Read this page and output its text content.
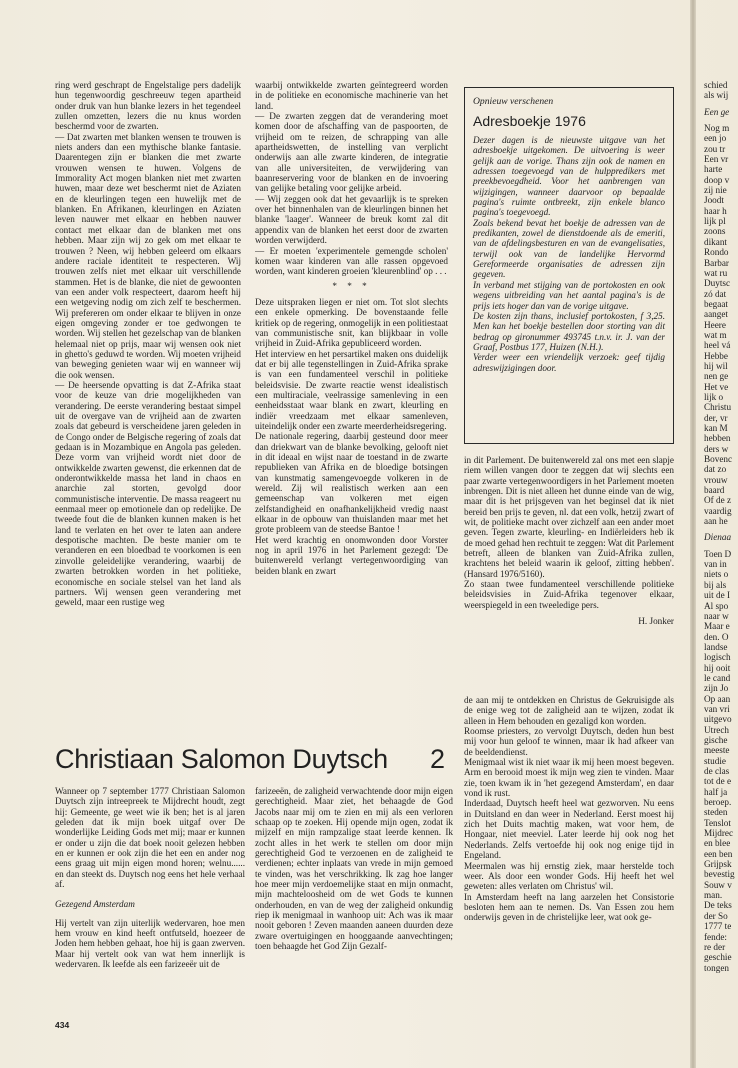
ring werd geschrapt de Engelstalige pers dadelijk hun tegenwoordig geschreeuw tegen apartheid onder druk van hun blanke lezers in het tegendeel zullen omzetten, lezers die nu knus worden beschermd voor de zwarten.

— Dat zwarten met blanken wensen te trouwen is niets anders dan een mythische blanke fantasie. Daarentegen zijn er blanken die met zwarte vrouwen wensen te huwen. Volgens de Immorality Act mogen blanken niet met zwarten huwen, maar deze wet beschermt niet de Aziaten en de kleurlingen tegen een huwelijk met de blanken. En Afrikanen, kleurlingen en Aziaten leven nauwer met elkaar en hebben nauwer contact met elkaar dan de blanken met ons hebben. Maar zijn wij zo gek om met elkaar te trouwen ? Neen, wij hebben geleerd om elkaars andere raciale identiteit te respecteren. Wij trouwen zelfs niet met elkaar uit verschillende stammen. Het is de blanke, die niet de gewoonten van een ander volk respecteert, daarom heeft hij een wetgeving nodig om zich zelf te beschermen. Wij prefereren om onder elkaar te blijven in onze eigen omgeving zonder er toe gedwongen te worden. Wij stellen het gezelschap van de blanken helemaal niet op prijs, maar wij wensen ook niet in ghetto's geduwd te worden. Wij moeten vrijheid van beweging genieten waar wij en wanneer wij die ook wensen.

— De heersende opvatting is dat Z-Afrika staat voor de keuze van drie mogelijkheden van verandering. De eerste verandering bestaat simpel uit de overgave van de vrijheid aan de zwarten zoals dat gebeurd is verscheidene jaren geleden in de Congo onder de Belgische regering of zoals dat gedaan is in Mozambique en Angola pas geleden. Deze vorm van vrijheid wordt niet door de ontwikkelde zwarten gewenst, die erkennen dat de onderontwikkelde massa het land in chaos en anarchie zal storten, gevolgd door communistische interventie. De massa reageert nu eenmaal meer op emotionele dan op redelijke. De tweede fout die de blanken kunnen maken is het land te verlaten en het over te laten aan andere despotische machten. De beste manier om te veranderen en een bloedbad te voorkomen is een zinvolle geleidelijke verandering, waarbij de zwarten betrokken worden in het politieke, economische en sociale stelsel van het land als partners. Wij wensen geen verandering met geweld, maar een rustige weg

waarbij ontwikkelde zwarten geïntegreerd worden in de politieke en economische machinerie van het land.

— De zwarten zeggen dat de verandering moet komen door de afschaffing van de paspoorten, de vrijheid om te reizen, de schrapping van alle apartheidswetten, de instelling van verplicht onderwijs aan alle zwarte kinderen, de integratie van alle universiteiten, de verwijdering van baanreservering voor de blanken en de invoering van gelijke betaling voor gelijke arbeid.

— Wij zeggen ook dat het gevaarlijk is te spreken over het binnenhalen van de kleurlingen binnen het blanke 'laager'. Wanneer de breuk komt zal dit appendix van de blanken het eerst door de zwarten worden verwijderd.

— Er moeten 'experimentele gemengde scholen' komen waar kinderen van alle rassen opgevoed worden, want kinderen groeien 'kleurenblind' op . . .

* * *

Deze uitspraken liegen er niet om. Tot slot slechts een enkele opmerking. De bovenstaande felle kritiek op de regering, onmogelijk in een politiestaat van communistische snit, kan blijkbaar in volle vrijheid in Zuid-Afrika gepubliceerd worden.

Het interview en het persartikel maken ons duidelijk dat er bij alle tegenstellingen in Zuid-Afrika sprake is van een fundamenteel verschil in politieke beleidsvisie. De zwarte reactie wenst idealistisch een multiraciale, veelrassige samenleving in een eenheidsstaat waar blank en zwart, kleurling en indiër vreedzaam met elkaar samenleven, uiteindelijk onder een zwarte meerderheidsregering.

De nationale regering, daarbij gesteund door meer dan driekwart van de blanke bevolking, gelooft niet in dit ideaal en wijst naar de toestand in de zwarte republieken van Afrika en de bloedige botsingen van kunstmatig samengevoegde volkeren in de wereld. Zij wil realistisch werken aan een gemeenschap van volkeren met eigen zelfstandigheid en onafhankelijkheid vredig naast elkaar in de opbouw van thuislanden maar met het grote probleem van de steedse Bantoe !

Het werd krachtig en onomwonden door Vorster nog in april 1976 in het Parlement gezegd: 'De buitenwereld verlangt vertegenwoordiging van beiden blank en zwart

Opnieuw verschenen
Adresboekje 1976

Dezer dagen is de nieuwste uitgave van het adresboekje uitgekomen. De uitvoering is weer gelijk aan de vorige. Thans zijn ook de namen en adressen toegevoegd van de hulppredikers met preekbevoegdheid. Voor het aanbrengen van wijzigingen, wanneer daarvoor op bepaalde pagina's ruimte ontbreekt, zijn enkele blanco pagina's toegevoegd.

Zoals bekend bevat het boekje de adressen van de predikanten, zowel de dienstdoende als de emeriti, van de afdelingsbesturen en van de evangelisaties, terwijl ook van de landelijke Hervormd Gereformeerde organisaties de adressen zijn gegeven.

In verband met stijging van de portokosten en ook wegens uitbreiding van het aantal pagina's is de prijs iets hoger dan van de vorige uitgave.

De kosten zijn thans, inclusief portokosten, f 3,25. Men kan het boekje bestellen door storting van dit bedrag op gironummer 493745 t.n.v. ir. J. van der Graaf, Postbus 177, Huizen (N.H.).

Verder weer een vriendelijk verzoek: geef tijdig adreswijzigingen door.

in dit Parlement. De buitenwereld zal ons met een slapje riem willen vangen door te zeggen dat wij slechts een paar zwarte vertegenwoordigers in het Parlement moeten inbrengen. Dit is niet alleen het dunne einde van de wig, maar dit is het prijsgeven van het beginsel dat ik niet bereid ben prijs te geven, nl. dat een volk, hetzij zwart of wit, de politieke macht over zichzelf aan een ander moet geven. Tegen zwarte, kleurling- en Indiërleiders heb ik de moed gehad hen rechtuit te zeggen: Wat dit Parlement betreft, alleen de blanken van Zuid-Afrika zullen, krachtens het beleid waarin ik geloof, zitting hebben'. (Hansard 1976/5160).

Zo staan twee fundamenteel verschillende politieke beleidsvisies in Zuid-Afrika tegenover elkaar, weerspiegeld in een tweeledige pers.

H. Jonker
schied
als wij
Een ge
Nog m
een jo
zou tr
Een vr
harte
doop v
zij nie
Joodt
haar h
lijk pl
zoons
dikant
Rondo
Barbar
wat ru
Duytsc
zó dat
begaat
aanget
Heere
wat m
heel vá
Hebbe
hij wil
nen ge
Het ve
lijk o
Christu
der, vr
kan M
hebben
ders w
Bovenc
dat zo
vrouw
baard
Of de z
vaardig
aan he
Dienaa
Toen D
van in
niets o
bij als
uit de I
Al spo
naar w
Maar e
den. O
landse
logisch
hij ooit
le cand
zijn Jo
Op aan
van vri
uitgevo
Utrech
gische
meeste
studie
de clas
tot de e
half ja
beroep.
steden
Tenslot
Mijdrec
en blee
een ben
Grijpsk
bevestig
Souw v
man.
De teks
der So
1777 te
fende:
re der
geschie
tongen
Christiaan Salomon Duytsch	2

Wanneer op 7 september 1777 Christiaan Salomon Duytsch zijn intreepreek te Mijdrecht houdt, zegt hij: Gemeente, ge weet wie ik ben; het is al jaren geleden dat ik mijn boek uitgaf over De wonderlijke Leiding Gods met mij; maar er kunnen er onder u zijn die dat boek nooit gelezen hebben en er kunnen er ook zijn die het een en ander nog eens graag uit mijn eigen mond horen; welnu...... en dan steekt ds. Duytsch nog eens het hele verhaal af.

Gezegend Amsterdam

Hij vertelt van zijn uiterlijk wedervaren, hoe men hem vrouw en kind heeft ontfutseld, hoezeer de Joden hem hebben gehaat, hoe hij is gaan zwerven. Maar hij vertelt ook van wat hem innerlijk is wedervaren. Ik leefde als een farizeeër uit de

farizeeën, de zaligheid verwachtende door mijn eigen gerechtigheid. Maar ziet, het behaagde de God Jacobs naar mij om te zien en mij als een verloren schaap op te zoeken. Hij opende mijn ogen, zodat ik mijzelf en mijn rampzalige staat leerde kennen. Ik zocht alles in het werk te stellen om door mijn gerechtigheid God te verzoenen en de zaligheid te verdienen; echter inplaats van vrede in mijn gemoed te vinden, was het verschrikking. Ik zag hoe langer hoe meer mijn verdoemelijke staat en mijn onmacht, mijn machteloosheid om de wet Gods te kunnen onderhouden, en van de weg der zaligheid onkundig riep ik menigmaal in wanhoop uit: Ach was ik maar nooit geboren ! Zeven maanden aaneen duurden deze zware overtuigingen en hooggaande aanvechtingen; toen behaagde het God Zijn Gezalf-

de aan mij te ontdekken en Christus de Gekruisigde als de enige weg tot de zaligheid aan te wijzen, zodat ik alleen in Hem behouden en gezaligd kon worden.

Roomse priesters, zo vervolgt Duytsch, deden hun best mij voor hun geloof te winnen, maar ik had afkeer van de beeldendienst.

Menigmaal wist ik niet waar ik mij heen moest begeven. Arm en berooid moest ik mijn weg zien te vinden. Maar zie, toen kwam ik in 'het gezegend Amsterdam', en daar vond ik rust.

Inderdaad, Duytsch heeft heel wat gezworven. Nu eens in Duitsland en dan weer in Nederland. Eerst moest hij zich het Duits machtig maken, wat voor hem, de Hongaar, niet meeviel. Later leerde hij ook nog het Nederlands. Zelfs vertoefde hij ook nog enige tijd in Engeland.

Meermalen was hij ernstig ziek, maar herstelde toch weer. Als door een wonder Gods. Hij heeft het wel geweten: alles verlaten om Christus' wil.

In Amsterdam heeft na lang aarzelen het Consistorie besloten hem aan te nemen. Ds. Van Essen zou hem onderwijs geven in de christelijke leer, wat ook ge-

434
